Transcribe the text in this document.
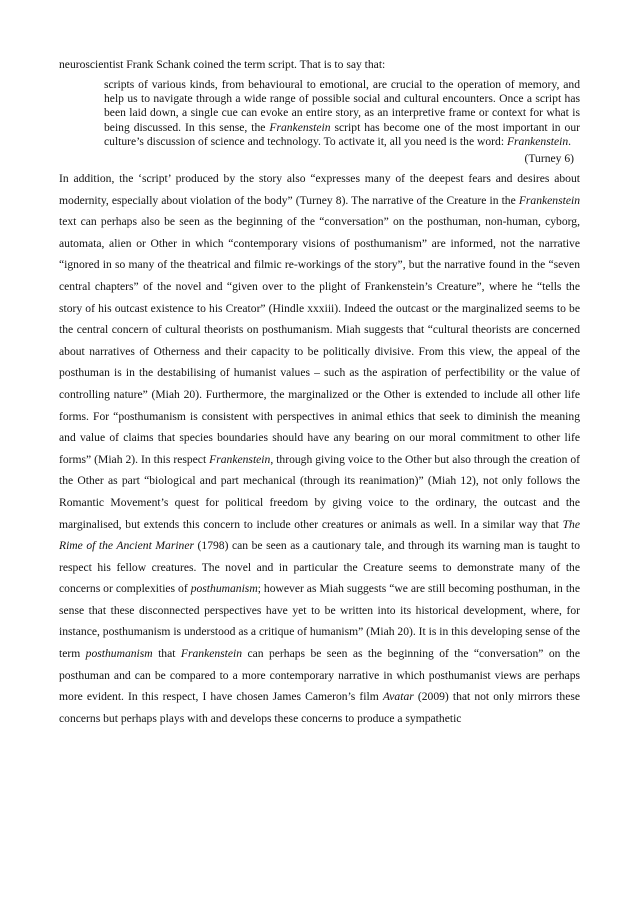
neuroscientist Frank Schank coined the term script. That is to say that:

scripts of various kinds, from behavioural to emotional, are crucial to the operation of memory, and help us to navigate through a wide range of possible social and cultural encounters. Once a script has been laid down, a single cue can evoke an entire story, as an interpretive frame or context for what is being discussed. In this sense, the Frankenstein script has become one of the most important in our culture’s discussion of science and technology. To activate it, all you need is the word: Frankenstein.

(Turney 6)

In addition, the ‘script’ produced by the story also “expresses many of the deepest fears and desires about modernity, especially about violation of the body” (Turney 8). The narrative of the Creature in the Frankenstein text can perhaps also be seen as the beginning of the “conversation” on the posthuman, non-human, cyborg, automata, alien or Other in which “contemporary visions of posthumanism” are informed, not the narrative “ignored in so many of the theatrical and filmic re-workings of the story”, but the narrative found in the “seven central chapters” of the novel and “given over to the plight of Frankenstein’s Creature”, where he “tells the story of his outcast existence to his Creator” (Hindle xxxiii). Indeed the outcast or the marginalized seems to be the central concern of cultural theorists on posthumanism. Miah suggests that “cultural theorists are concerned about narratives of Otherness and their capacity to be politically divisive. From this view, the appeal of the posthuman is in the destabilising of humanist values – such as the aspiration of perfectibility or the value of controlling nature” (Miah 20). Furthermore, the marginalized or the Other is extended to include all other life forms. For “posthumanism is consistent with perspectives in animal ethics that seek to diminish the meaning and value of claims that species boundaries should have any bearing on our moral commitment to other life forms” (Miah 2). In this respect Frankenstein, through giving voice to the Other but also through the creation of the Other as part “biological and part mechanical (through its reanimation)” (Miah 12), not only follows the Romantic Movement’s quest for political freedom by giving voice to the ordinary, the outcast and the marginalised, but extends this concern to include other creatures or animals as well. In a similar way that The Rime of the Ancient Mariner (1798) can be seen as a cautionary tale, and through its warning man is taught to respect his fellow creatures. The novel and in particular the Creature seems to demonstrate many of the concerns or complexities of posthumanism; however as Miah suggests “we are still becoming posthuman, in the sense that these disconnected perspectives have yet to be written into its historical development, where, for instance, posthumanism is understood as a critique of humanism” (Miah 20). It is in this developing sense of the term posthumanism that Frankenstein can perhaps be seen as the beginning of the “conversation” on the posthuman and can be compared to a more contemporary narrative in which posthumanist views are perhaps more evident. In this respect, I have chosen James Cameron’s film Avatar (2009) that not only mirrors these concerns but perhaps plays with and develops these concerns to produce a sympathetic
